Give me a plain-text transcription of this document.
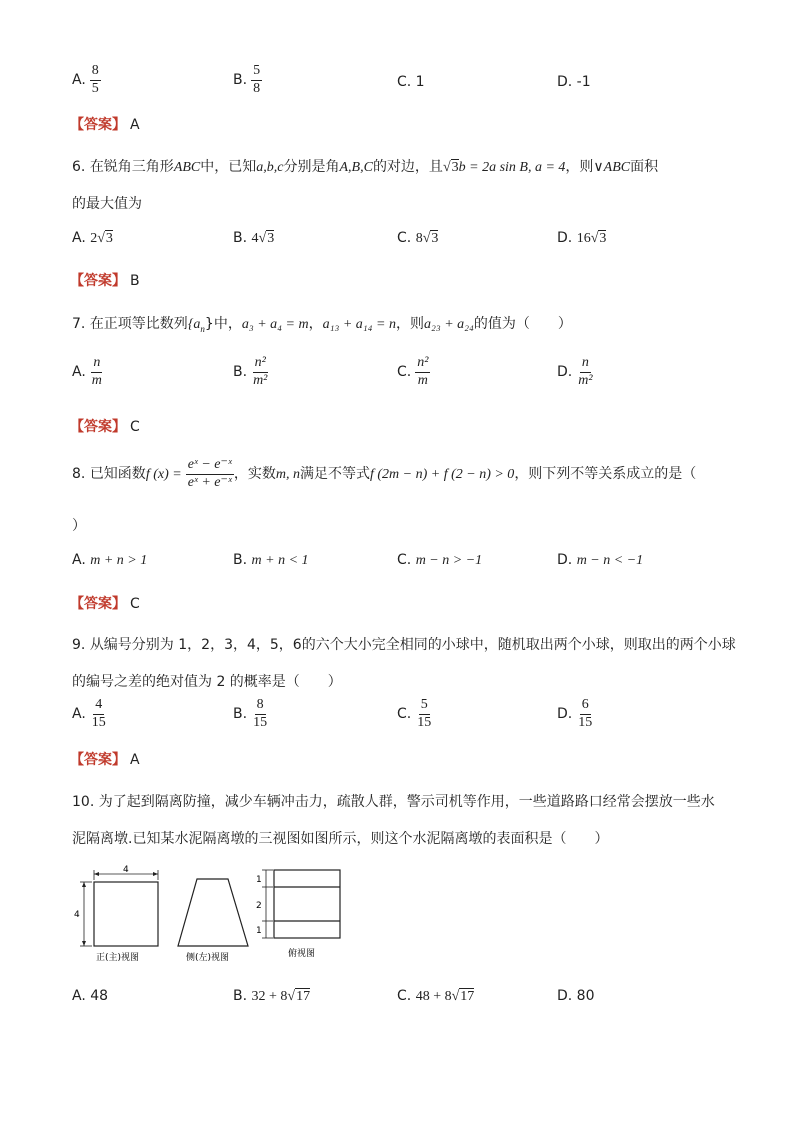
A. $\frac{8}{5}$	B. $\frac{5}{8}$	C. 1	D. -1
【答案】 A
6. 在锐角三角形ABC中，已知a,b,c分别是角A,B,C的对边，且√3b = 2a sin B, a = 4，则∨ABC面积
的最大值为
A. 2√3	B. 4√3	C. 8√3	D. 16√3
【答案】 B
7. 在正项等比数列$\{a_n\}$中，a₃ + a₄ = m，a₁₃ + a₁₄ = n，则a₂₃ + a₂₄的值为（　　）
A. $\frac{n}{m}$	B. $\frac{\text{n²}}{\text{m²}}$	C. $\frac{\text{n²}}{m}$	D. $\frac{n}{\text{m²}}$
【答案】 C
8. 已知函数f $(x) = \frac{\text{eˣ − e⁻ˣ}}{\text{eˣ + e⁻ˣ}}$ ，实数m, n满足不等式f (2m − n) + f (2 − n) > 0，则下列不等关系成立的是（
）
A. m + n > 1	B. m + n < 1	C. m − n > −1	D. m − n < −1
【答案】 C
9. 从编号分别为 1，2，3，4，5，6的六个大小完全相同的小球中，随机取出两个小球，则取出的两个小球
的编号之差的绝对值为 2 的概率是（　　）
A. $\frac{4}{15}$	B. $\frac{8}{15}$	C. $\frac{5}{15}$	D. $\frac{6}{15}$
【答案】 A
10. 为了起到隔离防撞，减少车辆冲击力，疏散人群，警示司机等作用，一些道路路口经常会摆放一些水
泥隔离墩.已知某水泥隔离墩的三视图如图所示，则这个水泥隔离墩的表面积是（　　）
4
4
正(主)视图	侧(左)视图
1
2
1
俯视图
A. 48	B. 32 + 8√17	C. 48 + 8√17	D. 80
